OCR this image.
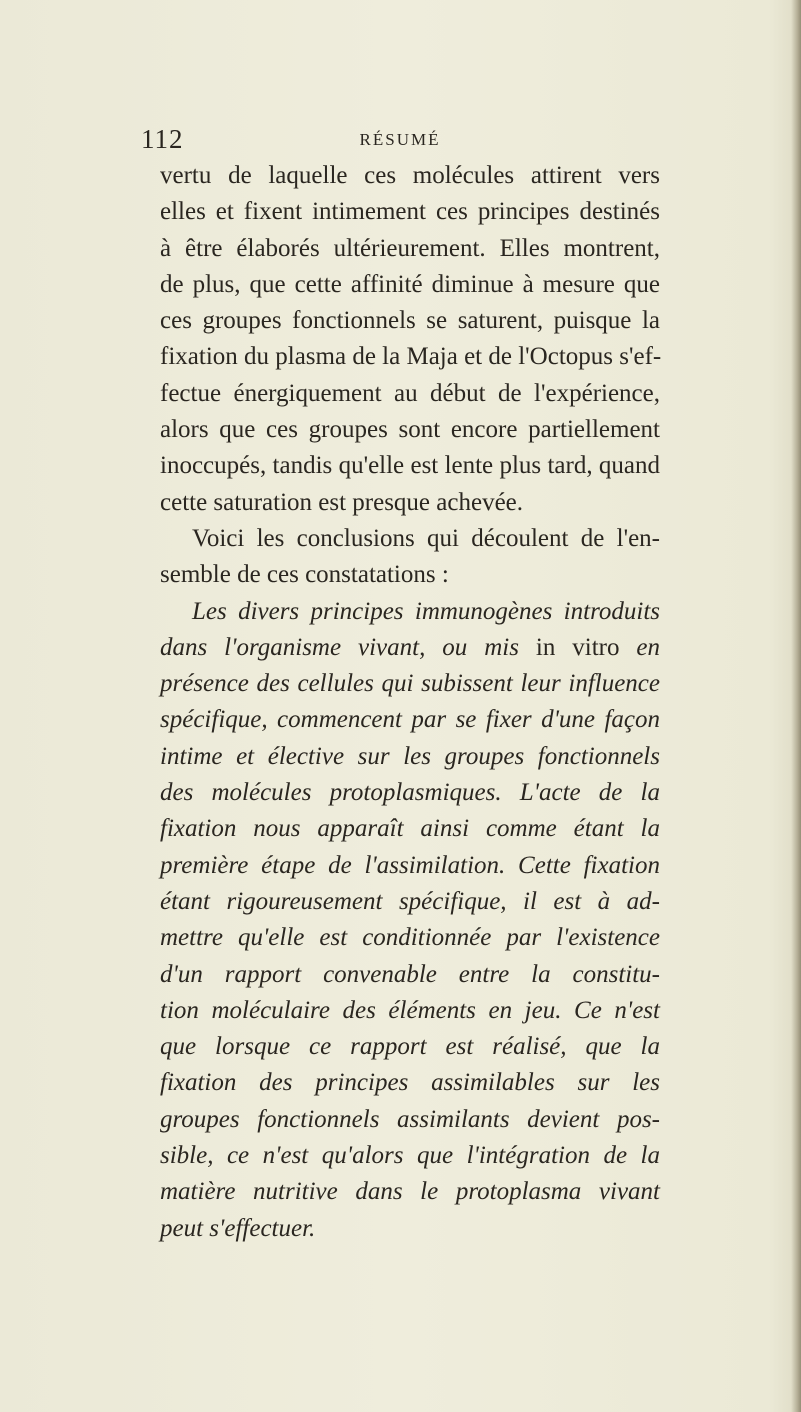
112	RÉSUMÉ
vertu de laquelle ces molécules attirent vers
elles et fixent intimement ces principes destinés
à être élaborés ultérieurement. Elles montrent,
de plus, que cette affinité diminue à mesure que
ces groupes fonctionnels se saturent, puisque la
fixation du plasma de la Maja et de l'Octopus s'ef-
fectue énergiquement au début de l'expérience,
alors que ces groupes sont encore partiellement
inoccupés, tandis qu'elle est lente plus tard, quand
cette saturation est presque achevée.
Voici les conclusions qui découlent de l'en-
semble de ces constatations :
Les divers principes immunogènes introduits
dans l'organisme vivant, ou mis in vitro en
présence des cellules qui subissent leur influence
spécifique, commencent par se fixer d'une façon
intime et élective sur les groupes fonctionnels
des molécules protoplasmiques. L'acte de la
fixation nous apparaît ainsi comme étant la
première étape de l'assimilation. Cette fixation
étant rigoureusement spécifique, il est à ad-
mettre qu'elle est conditionnée par l'existence
d'un rapport convenable entre la constitu-
tion moléculaire des éléments en jeu. Ce n'est
que lorsque ce rapport est réalisé, que la
fixation des principes assimilables sur les
groupes fonctionnels assimilants devient pos-
sible, ce n'est qu'alors que l'intégration de la
matière nutritive dans le protoplasma vivant
peut s'effectuer.
